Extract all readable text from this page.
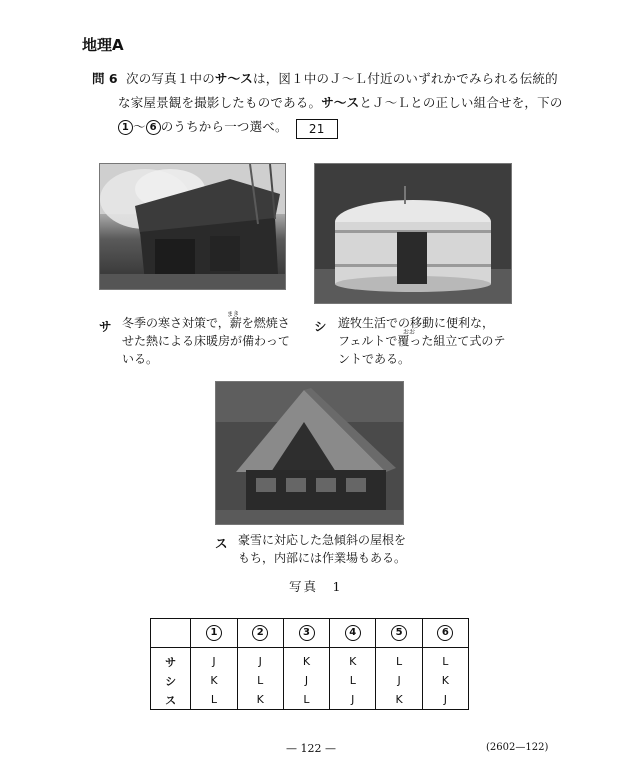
地理A
問 6 次の写真１中のサ～スは，図１中のＪ～Ｌ付近のいずれかでみられる伝統的
な家屋景観を撮影したものである。サ～スとＪ～Ｌとの正しい組合せを，下の
1 ～ 6 のうちから一つ選べ。 21
サ
まき
冬季の寒さ対策で，薪を燃焼さ
せた熱による床暖房が備わって
いる。
シ	おお
遊牧生活での移動に便利な，
フェルトで覆った組立て式のテ
ントである。
ス 豪雪に対応した急傾斜の屋根を
もち，内部には作業場もある。
写真　1
	1	2	3	4	5	6
サ	J	J	K	K	L	L
シ	K	L	J	L	J	K
ス	L	K	L	J	K	J
— 122 —	(2602—122)
